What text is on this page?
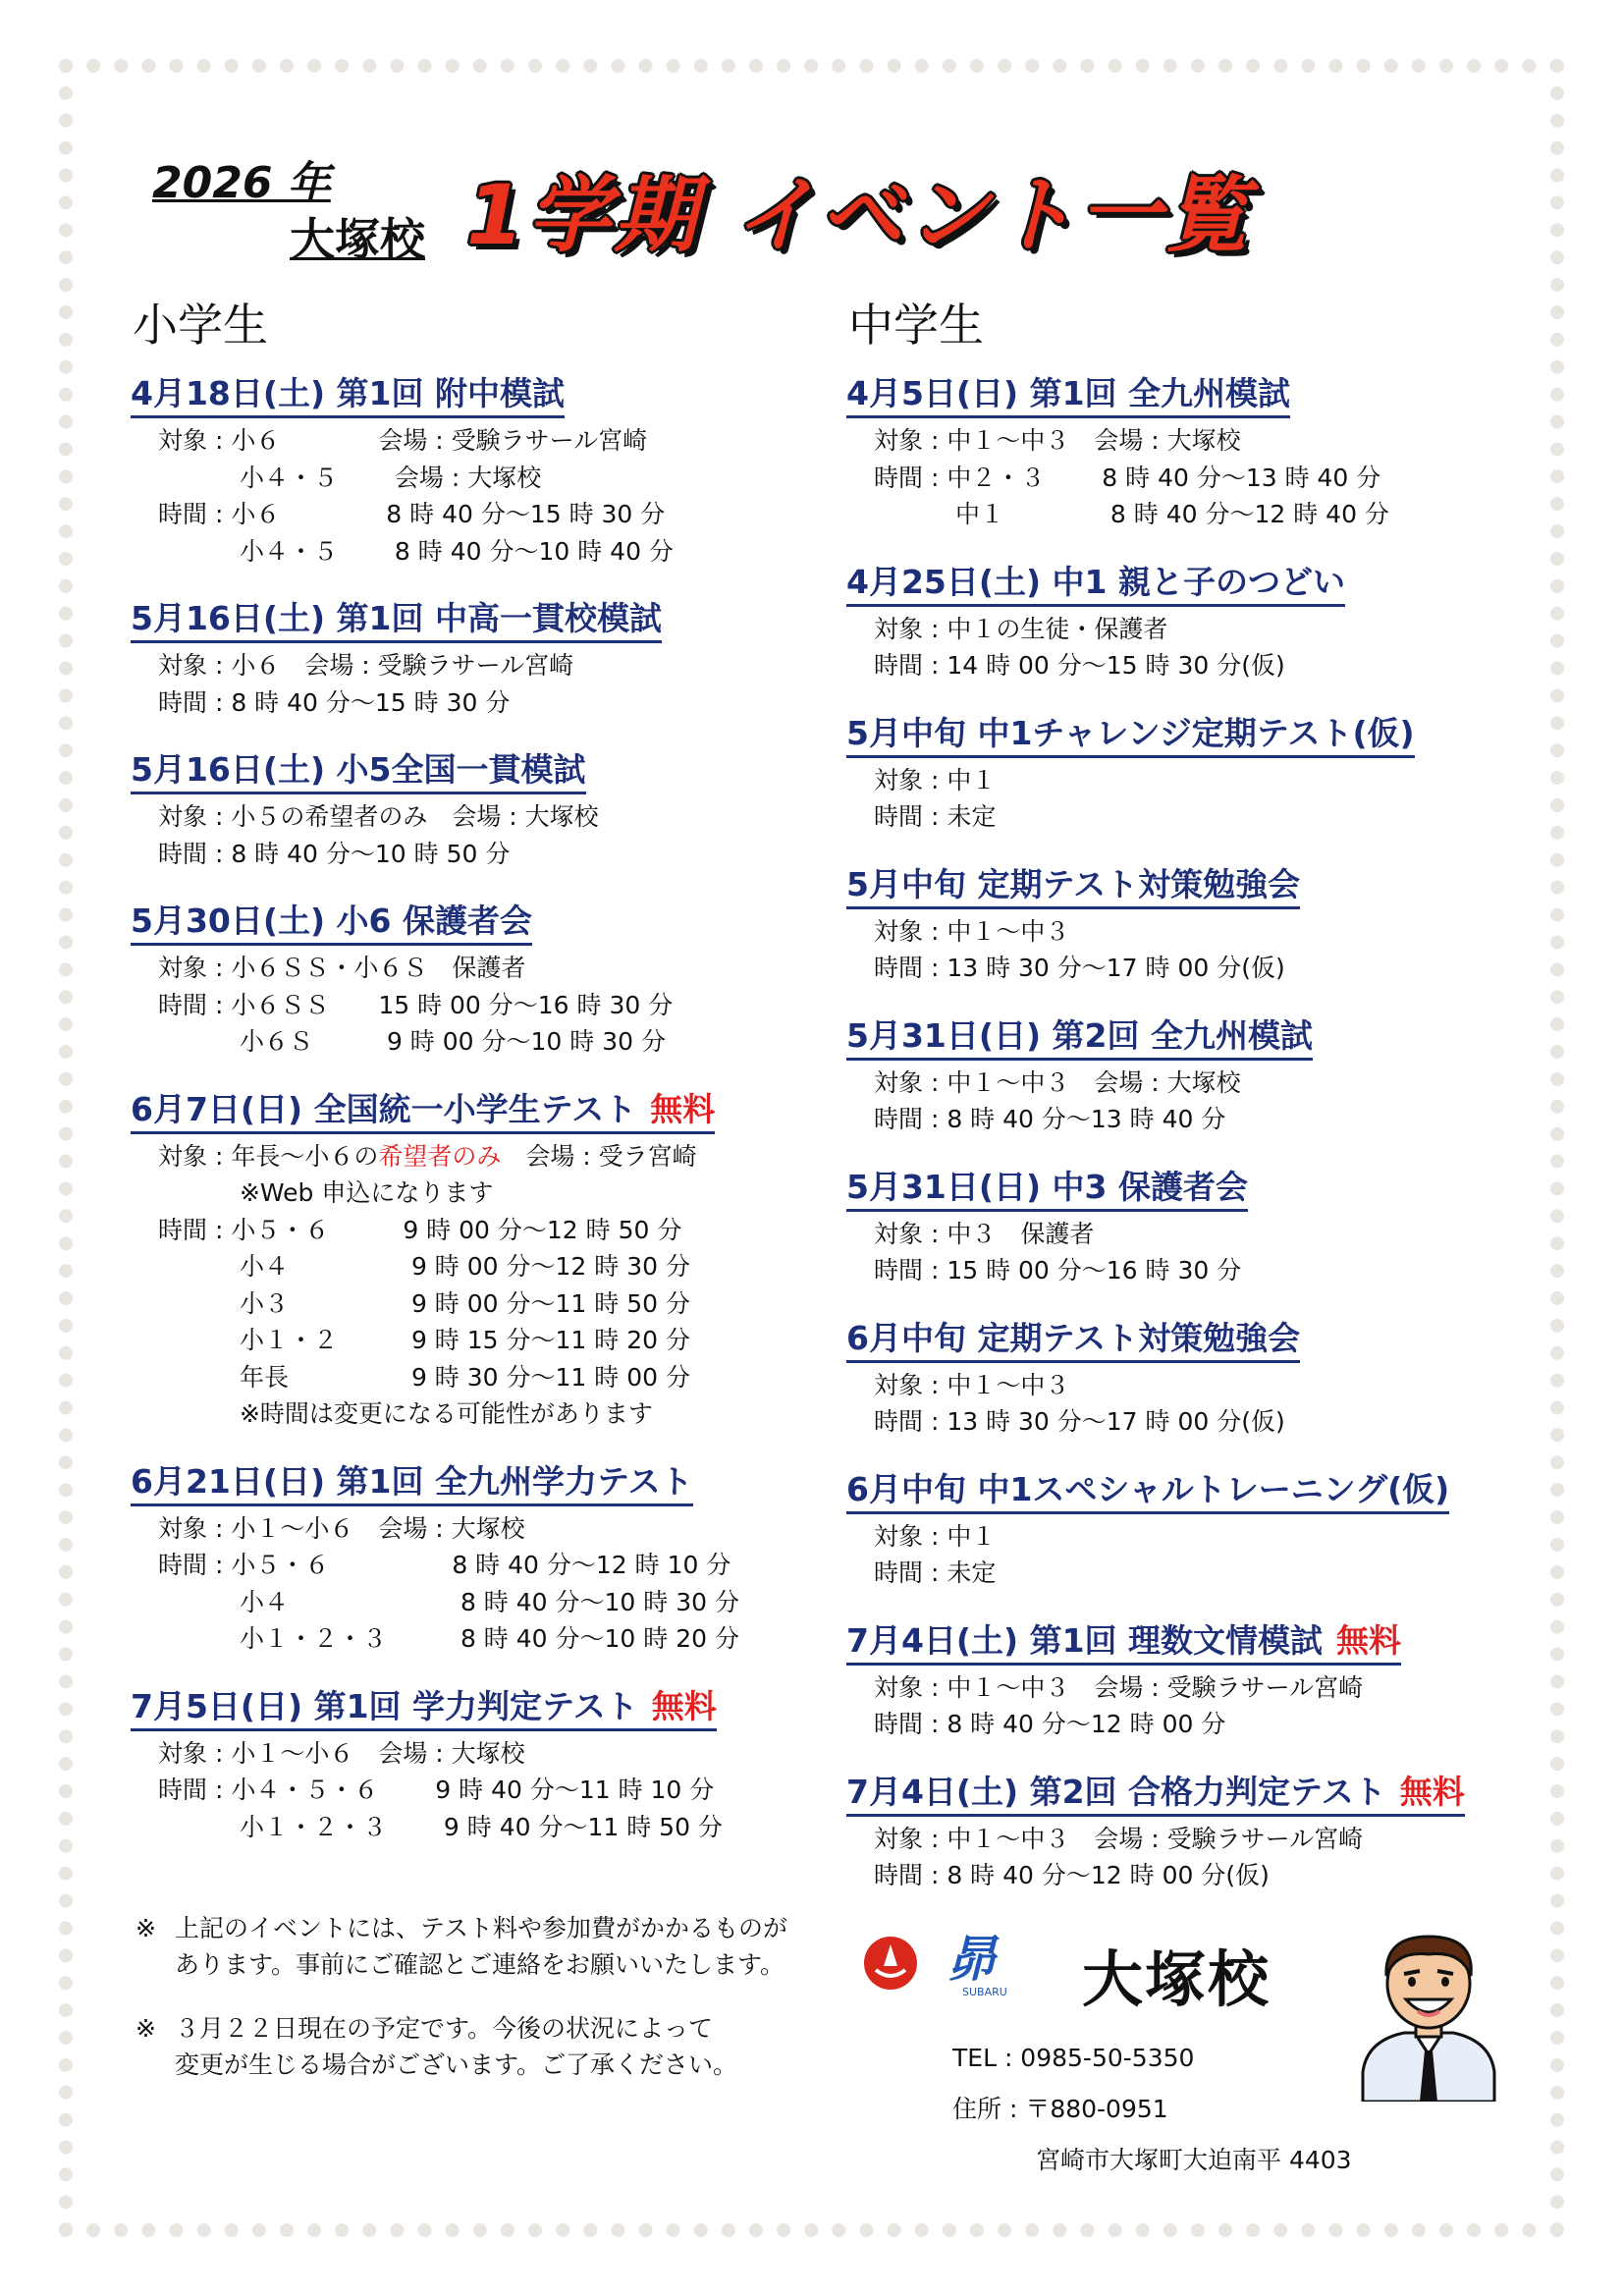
2026 年
大塚校 1学期 イベント一覧
小学生
4月18日(土) 第1回 附中模試
対象 : 小６　　　　会場 : 受験ラサール宮崎
　　　 小４・５　　 会場 : 大塚校
時間 : 小６　　　　 8 時 40 分〜15 時 30 分
　　　 小４・５　　 8 時 40 分〜10 時 40 分
5月16日(土) 第1回 中高一貫校模試
対象 : 小６　会場 : 受験ラサール宮崎
時間 : 8 時 40 分〜15 時 30 分
5月16日(土) 小5全国一貫模試
対象 : 小５の希望者のみ　会場 : 大塚校
時間 : 8 時 40 分〜10 時 50 分
5月30日(土) 小6 保護者会
対象 : 小６ＳＳ・小６Ｓ　保護者
時間 : 小６ＳＳ　　15 時 00 分〜16 時 30 分
　　　 小６Ｓ　　　9 時 00 分〜10 時 30 分
6月7日(日) 全国統一小学生テスト 無料
対象 : 年長〜小６の希望者のみ　会場 : 受ラ宮崎
　　　 ※Web 申込になります
時間 : 小５・６　　　9 時 00 分〜12 時 50 分
　　　 小４　　　　　9 時 00 分〜12 時 30 分
　　　 小３　　　　　9 時 00 分〜11 時 50 分
　　　 小１・２　　　9 時 15 分〜11 時 20 分
　　　 年長　　　　　9 時 30 分〜11 時 00 分
　　　 ※時間は変更になる可能性があります
6月21日(日) 第1回 全九州学力テスト
対象 : 小１〜小６　会場 : 大塚校
時間 : 小５・６　　　　　8 時 40 分〜12 時 10 分
　　　 小４　　　　　　　8 時 40 分〜10 時 30 分
　　　 小１・２・３　　　8 時 40 分〜10 時 20 分
7月5日(日) 第1回 学力判定テスト 無料
対象 : 小１〜小６　会場 : 大塚校
時間 : 小４・５・６　　 9 時 40 分〜11 時 10 分
　　　 小１・２・３　　 9 時 40 分〜11 時 50 分
中学生
4月5日(日) 第1回 全九州模試
対象 : 中１〜中３　会場 : 大塚校
時間 : 中２・３　　 8 時 40 分〜13 時 40 分
　　　 中１　　　　 8 時 40 分〜12 時 40 分
4月25日(土) 中1 親と子のつどい
対象 : 中１の生徒・保護者
時間 : 14 時 00 分〜15 時 30 分(仮)
5月中旬 中1チャレンジ定期テスト(仮)
対象 : 中１
時間 : 未定
5月中旬 定期テスト対策勉強会
対象 : 中１〜中３
時間 : 13 時 30 分〜17 時 00 分(仮)
5月31日(日) 第2回 全九州模試
対象 : 中１〜中３　会場 : 大塚校
時間 : 8 時 40 分〜13 時 40 分
5月31日(日) 中3 保護者会
対象 : 中３　保護者
時間 : 15 時 00 分〜16 時 30 分
6月中旬 定期テスト対策勉強会
対象 : 中１〜中３
時間 : 13 時 30 分〜17 時 00 分(仮)
6月中旬 中1スペシャルトレーニング(仮)
対象 : 中１
時間 : 未定
7月4日(土) 第1回 理数文情模試 無料
対象 : 中１〜中３　会場 : 受験ラサール宮崎
時間 : 8 時 40 分〜12 時 00 分
7月4日(土) 第2回 合格力判定テスト 無料
対象 : 中１〜中３　会場 : 受験ラサール宮崎
時間 : 8 時 40 分〜12 時 00 分(仮)
※ 上記のイベントには、テスト料や参加費がかかるものが
あります。事前にご確認とご連絡をお願いいたします。
※ ３月２２日現在の予定です。今後の状況によって
変更が生じる場合がございます。ご了承ください。
昴
SUBARU 大塚校
TEL : 0985-50-5350
住所 : 〒880-0951
宮崎市大塚町大迫南平 4403
